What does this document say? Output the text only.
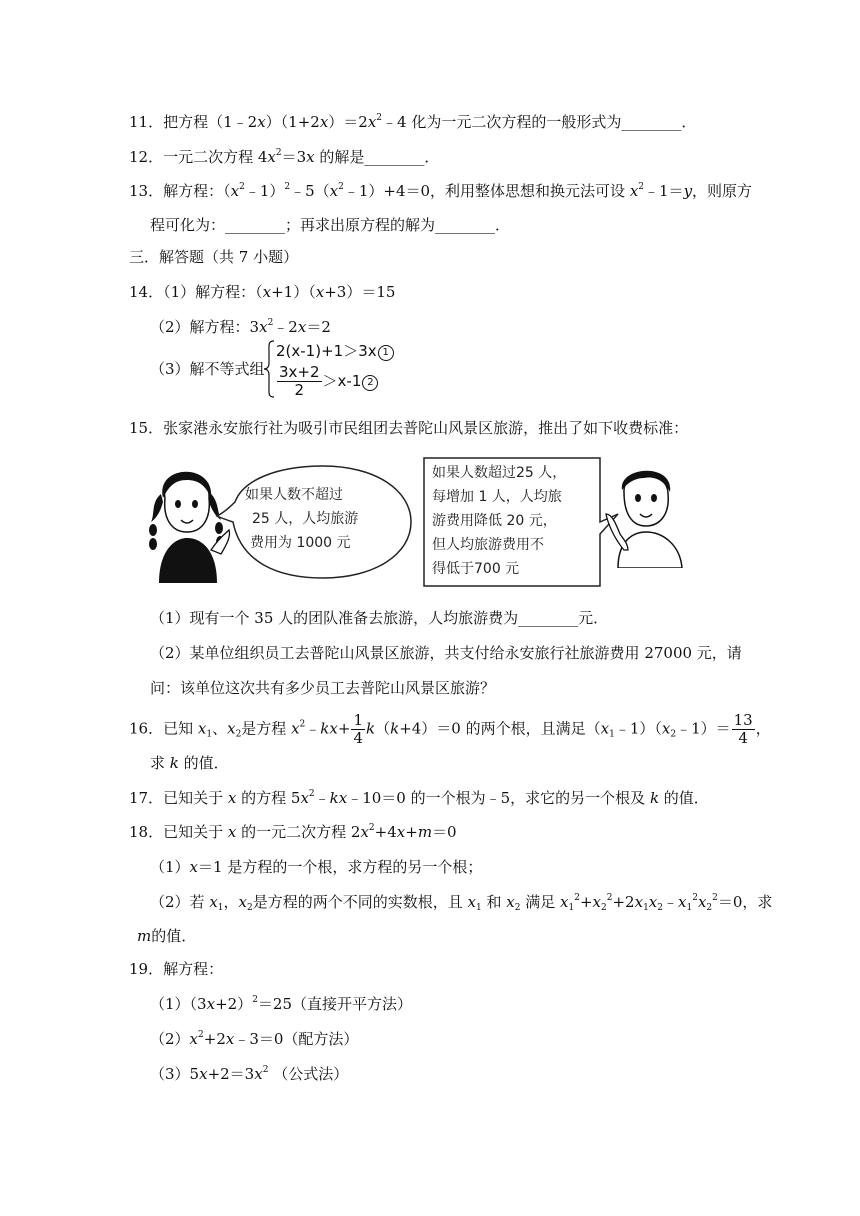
11．把方程$(1﹣2x)(1+2x)=2x^2﹣4$ 化为一元二次方程的一般形式为________．
12．一元二次方程 $4x^2=3x$ 的解是________．
13．解方程：$(x^2﹣1)^2﹣5(x^2﹣1)+4=0$，利用整体思想和换元法可设 $x^2﹣1=y$，则原方
程可化为：________；再求出原方程的解为________．
三．解答题（共 7 小题）
14．（1）解方程：（x+1）（x+3）＝15
（2）解方程：$3x^2﹣2x=2$
（3）解不等式组
2(x-1)+1＞3x 1
$\frac{3x+2}{2} >x-1$ 2
15．张家港永安旅行社为吸引市民组团去普陀山风景区旅游，推出了如下收费标准：
如果人数不超过
25 人，人均旅游
费用为 1000 元
如果人数超过25 人，
每增加 1 人，人均旅
游费用降低 20 元，
但人均旅游费用不
得低于700 元
（1）现有一个 35 人的团队准备去旅游，人均旅游费为________元．
（2）某单位组织员工去普陀山风景区旅游，共支付给永安旅行社旅游费用 27000 元，请
问：该单位这次共有多少员工去普陀山风景区旅游？
16．已知 $x_1$、$x_2$是方程 $x^2﹣kx+ \frac{1}{4} k(k+4)=0$ 的两个根，且满足$(x_1﹣1)(x_2﹣1)= \frac{13}{4}$ ，
求 k 的值．
17．已知关于 x 的方程 $5x^2﹣kx﹣10=0$ 的一个根为﹣5，求它的另一个根及 k 的值．
18．已知关于 x 的一元二次方程 $2x^2+4x+m=0$
（1）x＝1 是方程的一个根，求方程的另一个根；
（2）若 $x_1$，$x_2$是方程的两个不同的实数根，且 $x_1$ 和 $x_2$ 满足 $x_1^2+x_2^2+2x_1x_2﹣x_1^2x_2^2=0$，求
m的值．
19．解方程：
$(1)(3x+2)^2=25$（直接开平方法）
$(2)x^2+2x﹣3=0$（配方法）
$(3)5x+2=3x^2$ （公式法）
